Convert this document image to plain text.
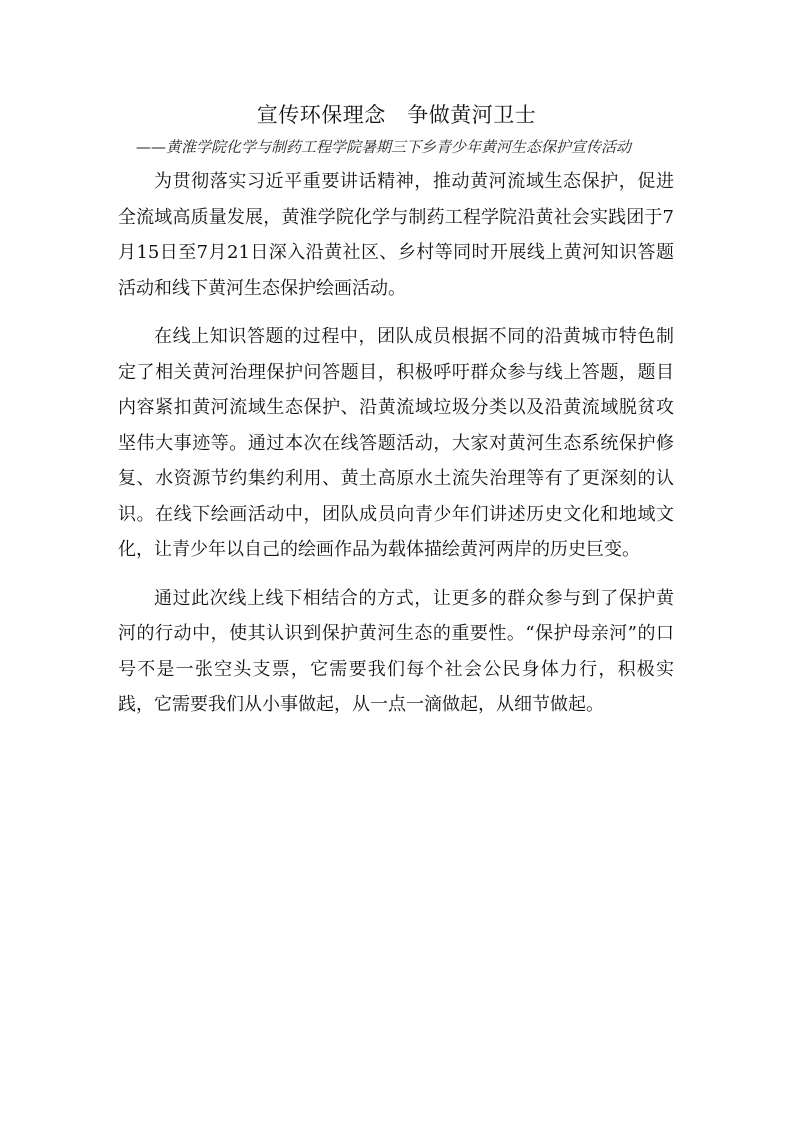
宣传环保理念　争做黄河卫士
——黄淮学院化学与制药工程学院暑期三下乡青少年黄河生态保护宣传活动

为贯彻落实习近平重要讲话精神，推动黄河流域生态保护，促进全流域高质量发展，黄淮学院化学与制药工程学院沿黄社会实践团于7月15日至7月21日深入沿黄社区、乡村等同时开展线上黄河知识答题活动和线下黄河生态保护绘画活动。

在线上知识答题的过程中，团队成员根据不同的沿黄城市特色制定了相关黄河治理保护问答题目，积极呼吁群众参与线上答题，题目内容紧扣黄河流域生态保护、沿黄流域垃圾分类以及沿黄流域脱贫攻坚伟大事迹等。通过本次在线答题活动，大家对黄河生态系统保护修复、水资源节约集约利用、黄土高原水土流失治理等有了更深刻的认识。在线下绘画活动中，团队成员向青少年们讲述历史文化和地域文化，让青少年以自己的绘画作品为载体描绘黄河两岸的历史巨变。

通过此次线上线下相结合的方式，让更多的群众参与到了保护黄河的行动中，使其认识到保护黄河生态的重要性。“保护母亲河”的口号不是一张空头支票，它需要我们每个社会公民身体力行，积极实践，它需要我们从小事做起，从一点一滴做起，从细节做起。
